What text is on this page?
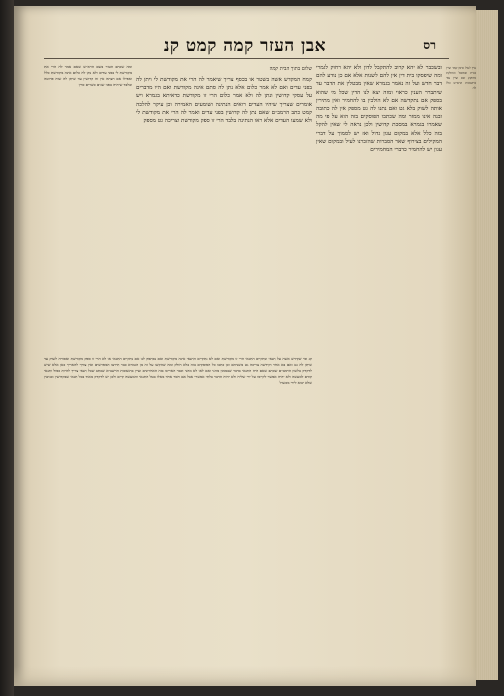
רס
אבן העזר קמה קמט קנ
ובשכבר לא יהא קרוב להתקבל לדון ולא יהא רחוק לגמרי ומה שיפסקו בית דין אין להם לשנות אלא אם כן נודע להם דבר חדש ועל זה נאמר בגמרא שאין מבטלין את הדבר עד שיתברר הענין כראוי ומזה יצא לנו הדין שכל מי שהוא בספק אם נתקדשה אם לא הולכין בו להחמיר ואין מתירין אותה לשוק בלא גט ואם נתנו לה גט מספק אין לה כתובה ובנה אינו ממזר ומה שכתבו הפוסקים בזה הוא על פי מה שאמרו בגמרא במסכת קדושין ולכן נראה לי שאין להקל בזה כלל אלא במקום עגון גדול ואז יש לסמוך על דברי המקילים בצירוף שאר הסברות שהזכרנו לעיל ובמקום שאין עגון יש להחמיר כדברי המחמירים
עיין לעיל סימן קמד ועיין בבית שמואל ובחלקת מחוקק שם ועיין עוד בתשובות הרא״ש כלל לה
ומה שכתב הטור בשם הרא״ש שאם אמר לה הרי את מקודשת לי בפני עדים ולא נתן לה כלום אינה מקודשת כלל ואפילו אם רצתה אין זה קדושין עד שיתן לה שוה פרוטה ובלבד שיהיה בפני שנים כשרים כדין
שלום בתוך הבית קמה
קמח המקדש אשה בשטר או בכסף צריך שיאמר לה הרי את מקודשת לי ויתן לה בפני עדים ואם לא אמר כלום אלא נתן לה סתם אינה מקודשת ואם היו מדברים על עסקי קדושין ונתן לה ולא אמר כלום הרי זו מקודשת כדאיתא בגמרא ויש אומרים שצריך שיהיו העדים רואים הנתינה ושומעים האמירה וכן עיקר להלכה קמט כתב הרמב״ם שאם נתן לה קדושין בפני עדים ואמר לה הרי את מקודשת לי ולא שמעו העדים אלא ראו הנתינה בלבד הרי זו ספק מקודשת וצריכה גט מספק
קנ ומי שקידש אשה על תנאי ונתקיים התנאי הרי זו מקודשת ואם לא נתקיים התנאי אינה מקודשת ואם נסתפק לנו אם נתקיים התנאי או לא הרי זו ספק מקודשת ואסורה לשוק עד שיתן לה גט ואם בא אחר וקידשה צריכה גט משניהם וכן כתבו כל הפוסקים בזה בלא חולק ומה שהקשו על זה מן הגמרא כבר תירצו המפרשים ואין צורך להאריך כאן אלא שיש לדקדק בלשון הרמב״ם שכתב שאם היה התנאי בדבר שבממון מהני ואם לאו לא מהני וכבר האריכו בזה האחרונים ועיין בתשובות הרשב״א שכתב שכל תנאי צריך להיות כפול ותנאי קודם למעשה ולא יהיה אפשר לקיימו על ידי שליח ולא יהיה הדבר בלתי אפשרי אבל אם חסר אחד מאלו בטל התנאי והמעשה קיים ולכן יש לדקדק מאוד בכל תנאי שבקדושין ובגיטין שלא יבוא לידי מכשול
